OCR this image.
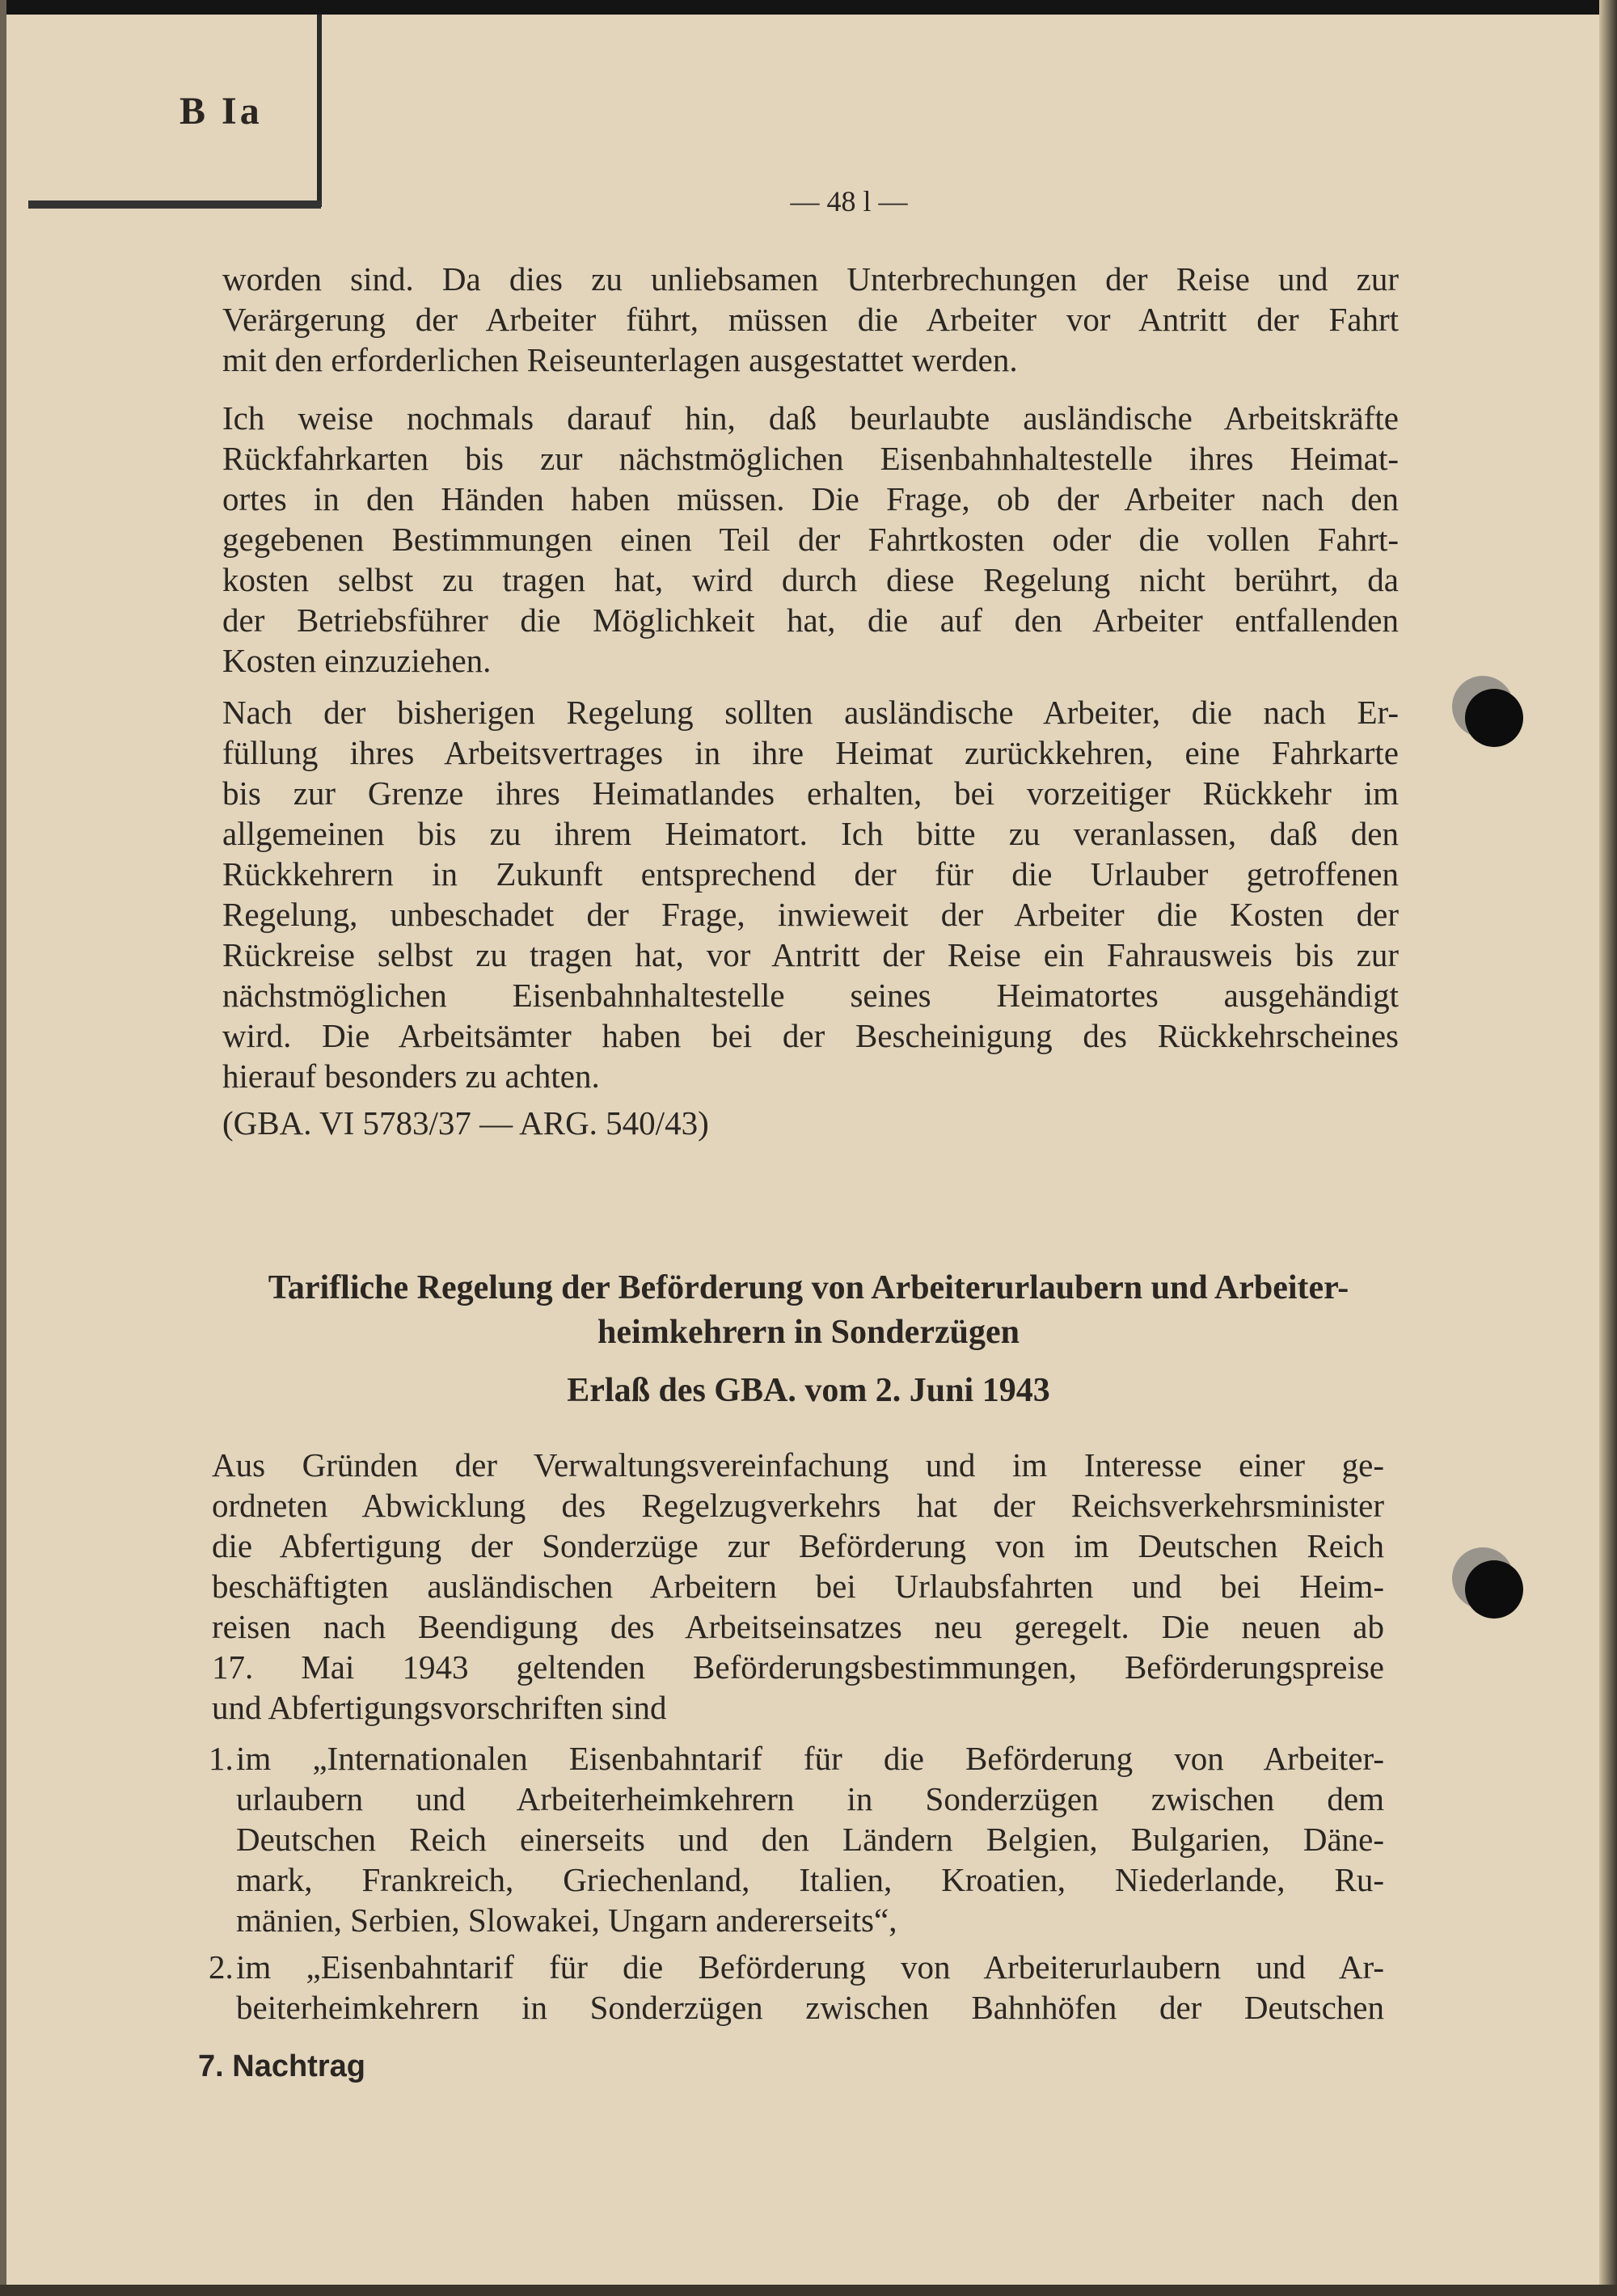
B Ia
— 48 l —
worden sind. Da dies zu unliebsamen Unterbrechungen der Reise und zur
Verärgerung der Arbeiter führt, müssen die Arbeiter vor Antritt der Fahrt
mit den erforderlichen Reiseunterlagen ausgestattet werden.
Ich weise nochmals darauf hin, daß beurlaubte ausländische Arbeitskräfte
Rückfahrkarten bis zur nächstmöglichen Eisenbahnhaltestelle ihres Heimat-
ortes in den Händen haben müssen. Die Frage, ob der Arbeiter nach den
gegebenen Bestimmungen einen Teil der Fahrtkosten oder die vollen Fahrt-
kosten selbst zu tragen hat, wird durch diese Regelung nicht berührt, da
der Betriebsführer die Möglichkeit hat, die auf den Arbeiter entfallenden
Kosten einzuziehen.
Nach der bisherigen Regelung sollten ausländische Arbeiter, die nach Er-
füllung ihres Arbeitsvertrages in ihre Heimat zurückkehren, eine Fahrkarte
bis zur Grenze ihres Heimatlandes erhalten, bei vorzeitiger Rückkehr im
allgemeinen bis zu ihrem Heimatort. Ich bitte zu veranlassen, daß den
Rückkehrern in Zukunft entsprechend der für die Urlauber getroffenen
Regelung, unbeschadet der Frage, inwieweit der Arbeiter die Kosten der
Rückreise selbst zu tragen hat, vor Antritt der Reise ein Fahrausweis bis zur
nächstmöglichen Eisenbahnhaltestelle seines Heimatortes ausgehändigt
wird. Die Arbeitsämter haben bei der Bescheinigung des Rückkehrscheines
hierauf besonders zu achten.
(GBA. VI 5783/37 — ARG. 540/43)
Tarifliche Regelung der Beförderung von Arbeiterurlaubern und Arbeiter-
heimkehrern in Sonderzügen
Erlaß des GBA. vom 2. Juni 1943
Aus Gründen der Verwaltungsvereinfachung und im Interesse einer ge-
ordneten Abwicklung des Regelzugverkehrs hat der Reichsverkehrsminister
die Abfertigung der Sonderzüge zur Beförderung von im Deutschen Reich
beschäftigten ausländischen Arbeitern bei Urlaubsfahrten und bei Heim-
reisen nach Beendigung des Arbeitseinsatzes neu geregelt. Die neuen ab
17. Mai 1943 geltenden Beförderungsbestimmungen, Beförderungspreise
und Abfertigungsvorschriften sind
1. im „Internationalen Eisenbahntarif für die Beförderung von Arbeiter-
urlaubern und Arbeiterheimkehrern in Sonderzügen zwischen dem
Deutschen Reich einerseits und den Ländern Belgien, Bulgarien, Däne-
mark, Frankreich, Griechenland, Italien, Kroatien, Niederlande, Ru-
mänien, Serbien, Slowakei, Ungarn andererseits“,
2. im „Eisenbahntarif für die Beförderung von Arbeiterurlaubern und Ar-
beiterheimkehrern in Sonderzügen zwischen Bahnhöfen der Deutschen
7. Nachtrag
